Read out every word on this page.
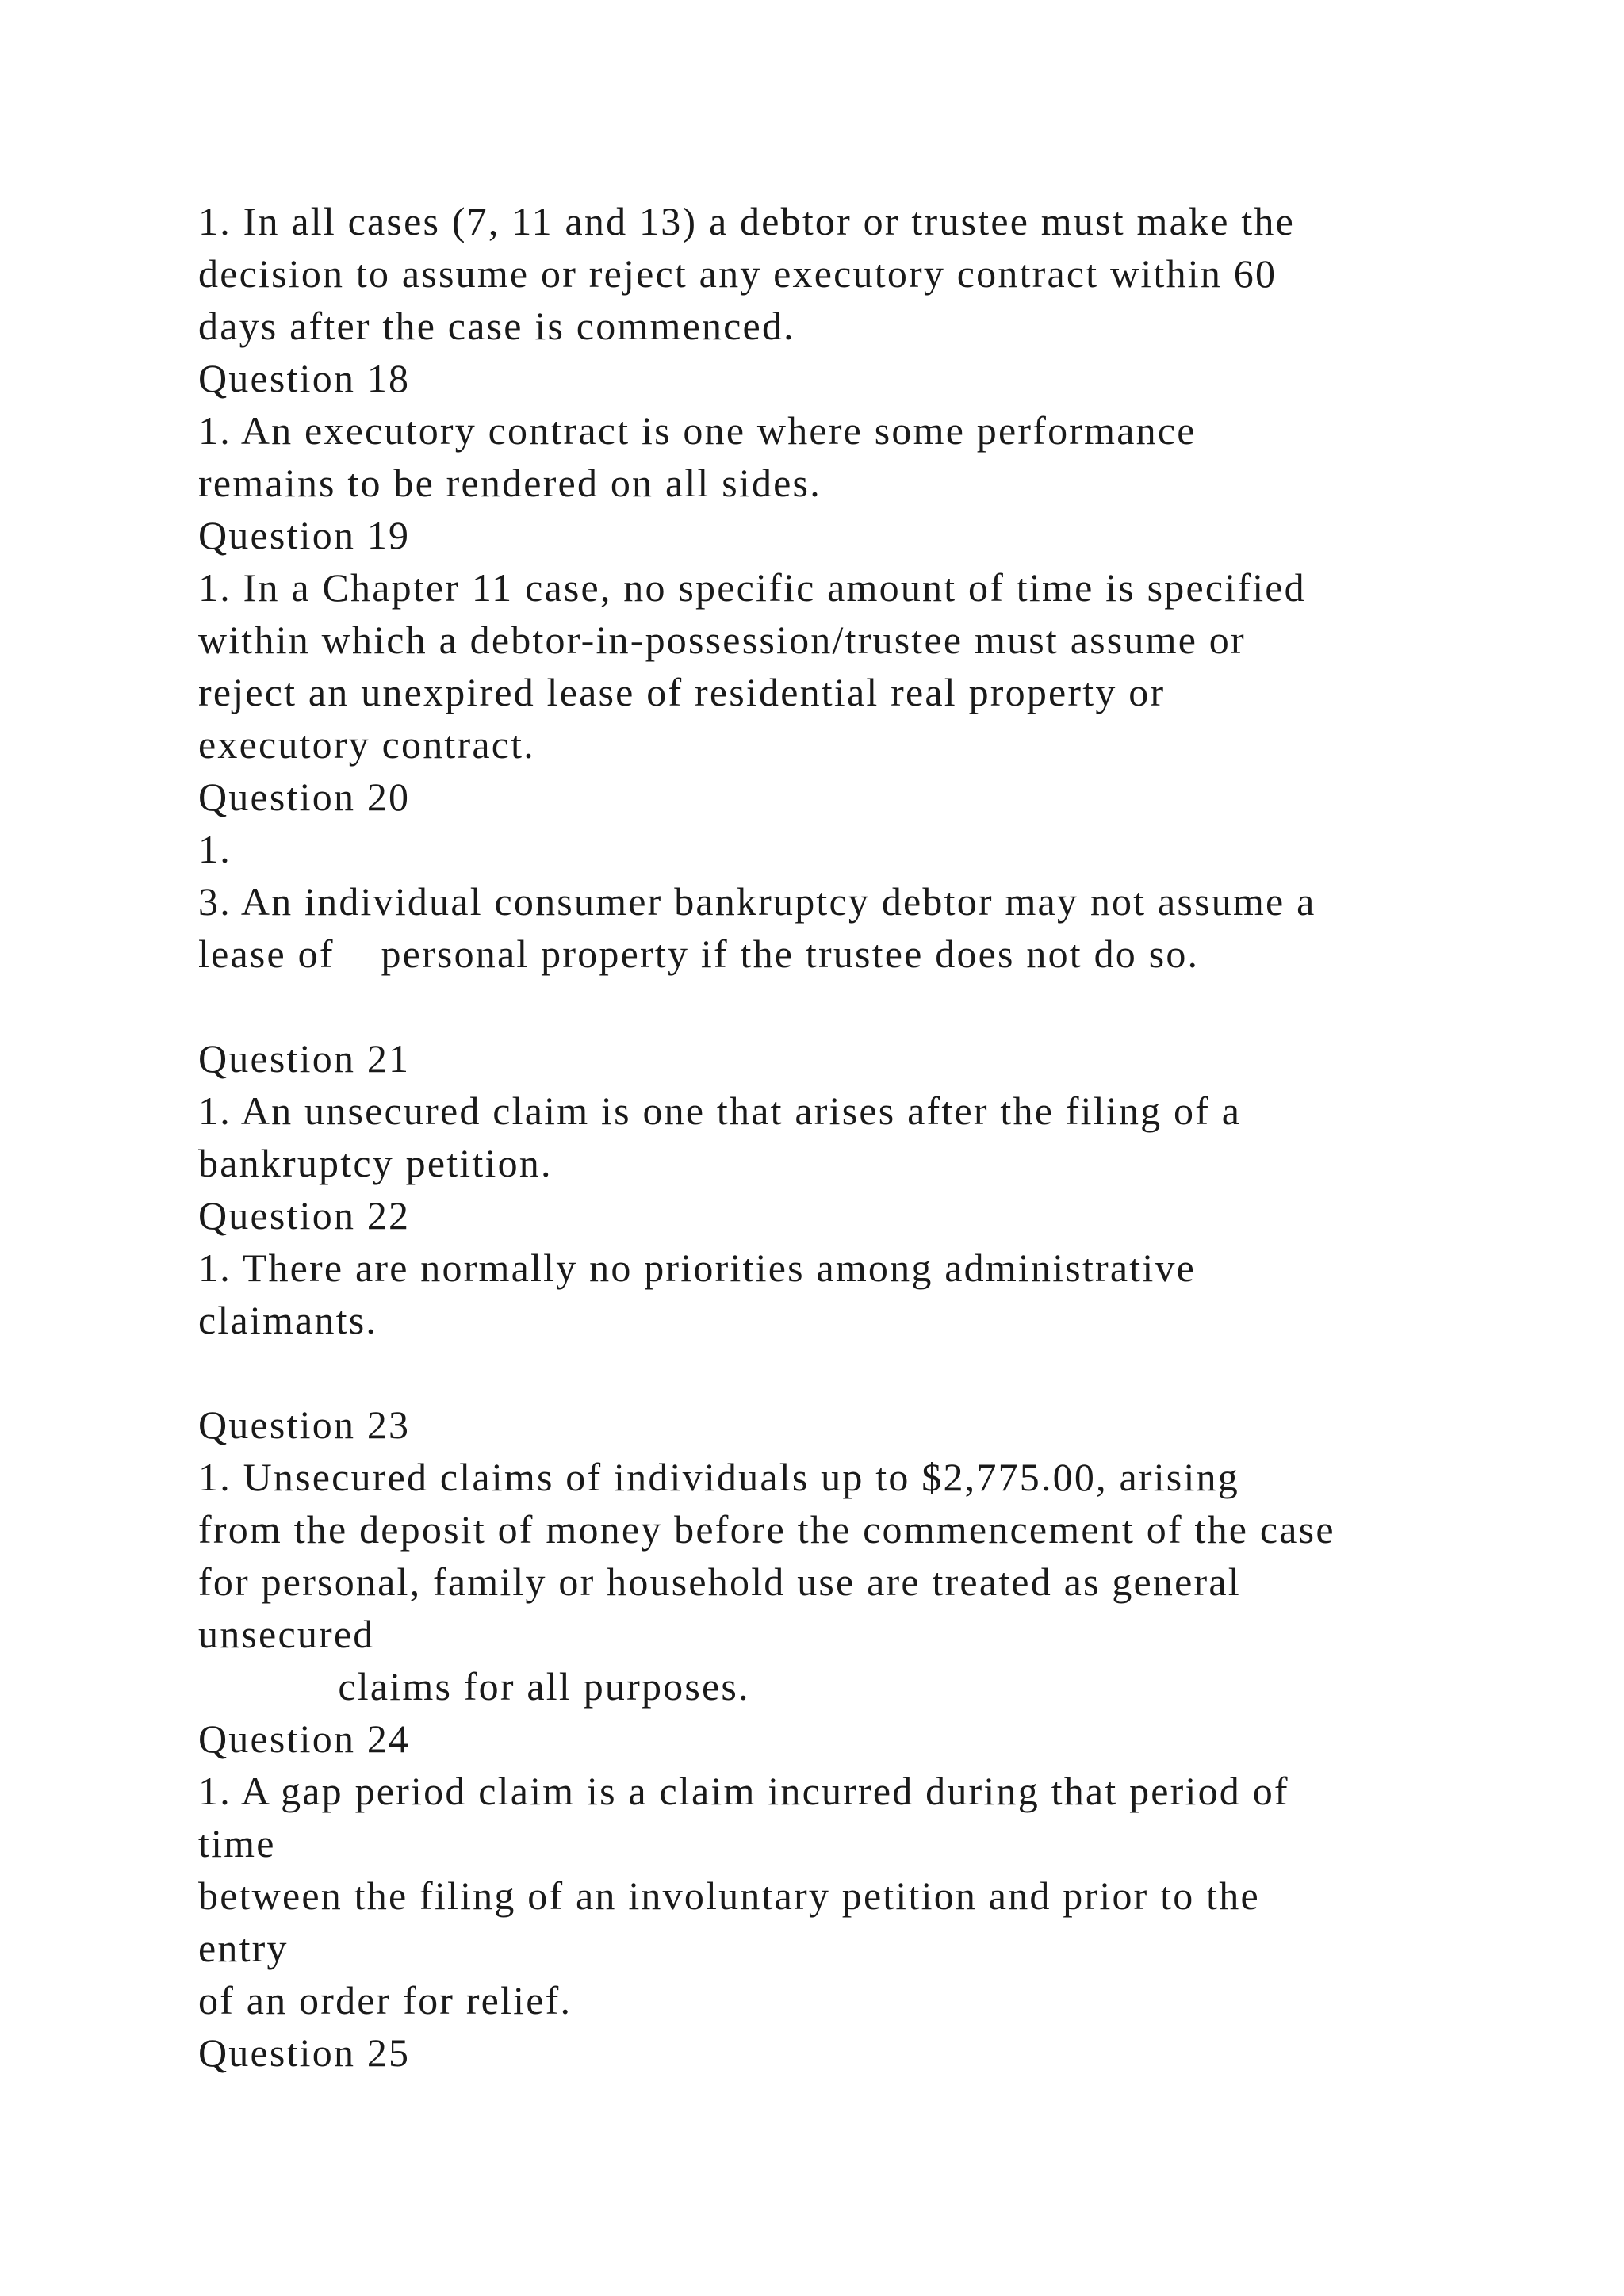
1. In all cases (7, 11 and 13) a debtor or trustee must make the
decision to assume or reject any executory contract within 60
days after the case is commenced.
Question 18
1. An executory contract is one where some performance
remains to be rendered on all sides.
Question 19
1. In a Chapter 11 case, no specific amount of time is specified
within which a debtor-in-possession/trustee must assume or
reject an unexpired lease of residential real property or
executory contract.
Question 20
1.
3. An individual consumer bankruptcy debtor may not assume a
lease of    personal property if the trustee does not do so.
Question 21
1. An unsecured claim is one that arises after the filing of a
bankruptcy petition.
Question 22
1. There are normally no priorities among administrative
claimants.
Question 23
1. Unsecured claims of individuals up to $2,775.00, arising
from the deposit of money before the commencement of the case
for personal, family or household use are treated as general
unsecured
claims for all purposes.
Question 24
1. A gap period claim is a claim incurred during that period of
time
between the filing of an involuntary petition and prior to the
entry
of an order for relief.
Question 25
